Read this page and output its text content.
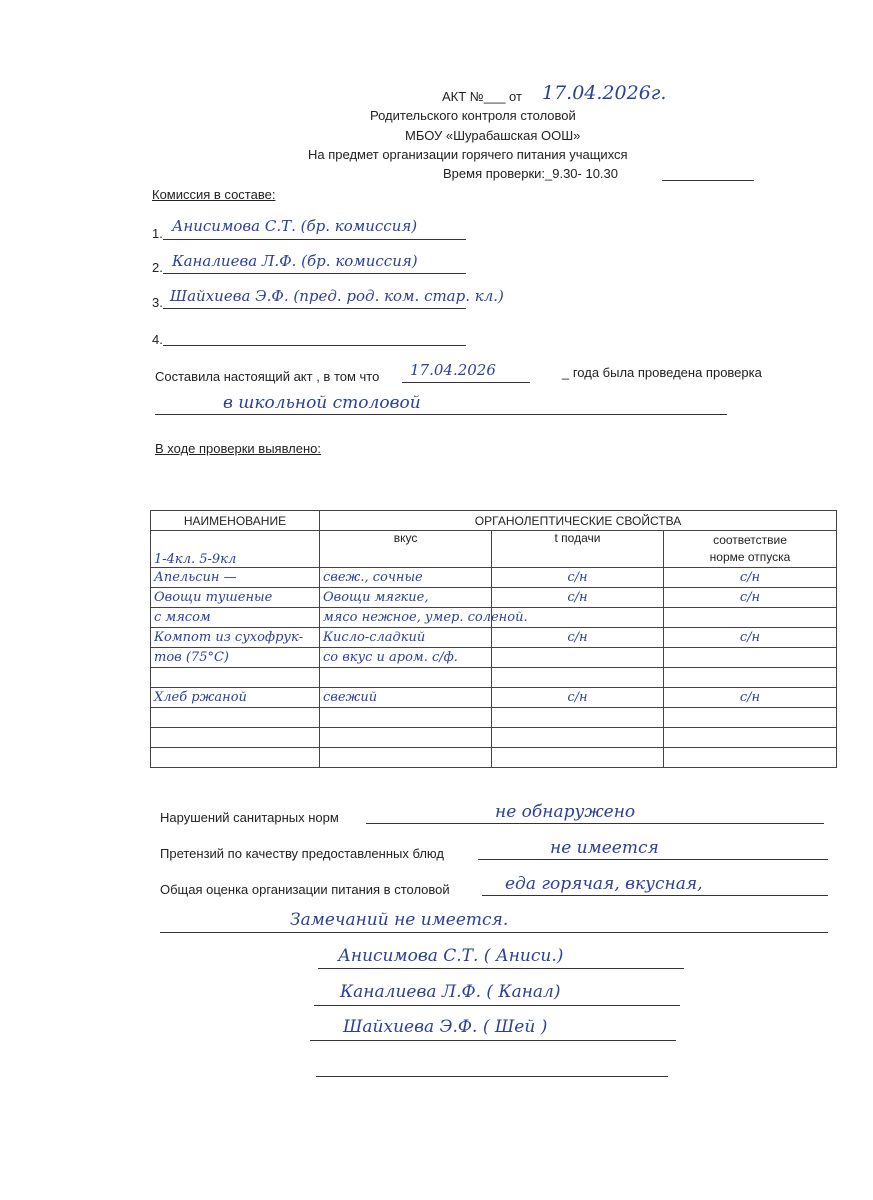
АКТ №___ от 17.04.2026г.
Родительского контроля столовой
МБОУ «Шурабашская ООШ»
На предмет организации горячего питания учащихся
Время проверки:_9.30- 10.30
Комиссия в составе:
1. Анисимова С.Т. (бр. комиссия)
2. Каналиева Л.Ф. (бр. комиссия)
3. Шайхиева Э.Ф. (пред. род. ком. стар. кл.)
4.
Составила настоящий акт , в том что 17.04.2026	_ года была проведена проверка
в школьной столовой
В ходе проверки выявлено:
НАИМЕНОВАНИЕ	ОРГАНОЛЕПТИЧЕСКИЕ СВОЙСТВА		
1-4кл. 5-9кл	вкус	t подачи	соответствие
норме отпуска
Апельсин —	свеж., сочные	с/н	с/н
Овощи тушеные	Овощи мягкие,	с/н	с/н
с мясом	мясо нежное, умер. соленой.		
Компот из сухофрук-	Кисло-сладкий	с/н	с/н
тов (75°С)	со вкус и аром. с/ф.		

Хлеб ржаной	свежий	с/н	с/н

Нарушений санитарных норм	не обнаружено
Претензий по качеству предоставленных блюд	не имеется
Общая оценка организации питания в столовой	еда горячая, вкусная,
Замечаний не имеется.
Анисимова С.Т. ( Аниси.)
Каналиева Л.Ф. ( Канал)
Шайхиева Э.Ф. ( Шей )
